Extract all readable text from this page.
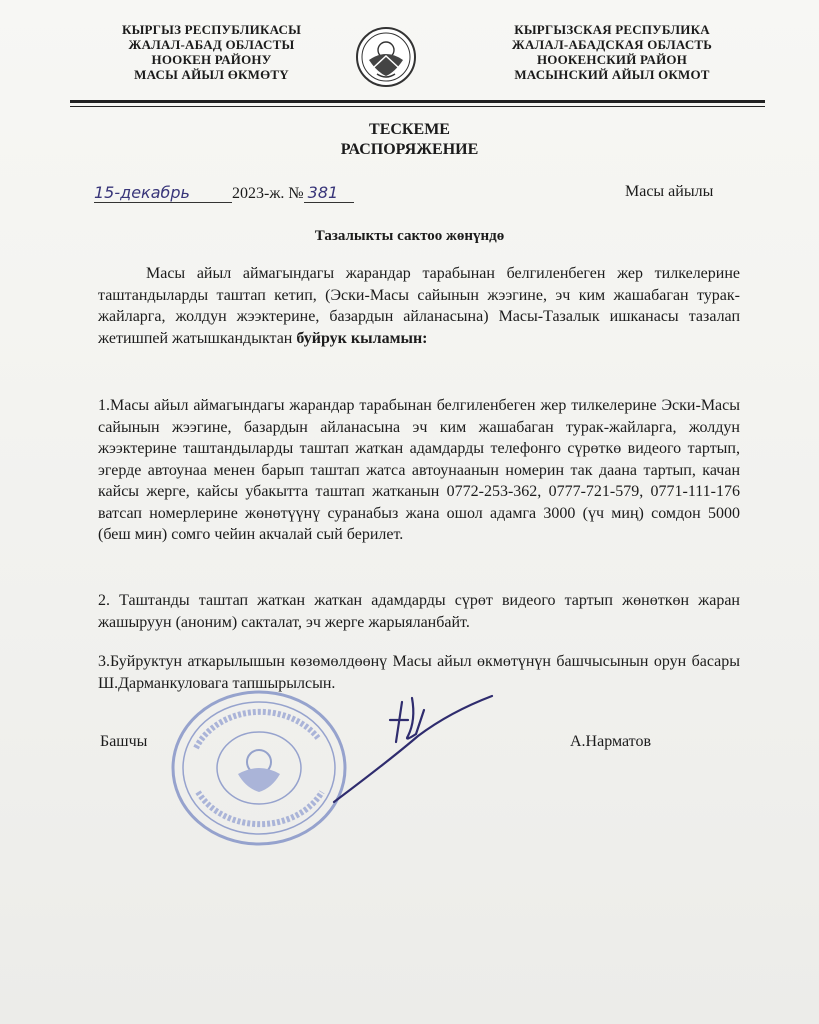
КЫРГЫЗ РЕСПУБЛИКАСЫ
ЖАЛАЛ-АБАД ОБЛАСТЫ
НООКЕН РАЙОНУ
МАСЫ АЙЫЛ ӨКМӨТҮ
КЫРГЫЗСКАЯ РЕСПУБЛИКА
ЖАЛАЛ-АБАДСКАЯ ОБЛАСТЬ
НООКЕНСКИЙ РАЙОН
МАСЫНСКИЙ АЙЫЛ ОКМОТ
ТЕСКЕМЕ
РАСПОРЯЖЕНИЕ
15-декабрь	2023-ж. № 381	Масы айылы
Тазалыкты сактоо жөнүндө
Масы айыл аймагындагы жарандар тарабынан белгиленбеген жер тилкелерине таштандыларды таштап кетип, (Эски-Масы сайынын жээгине, эч ким жашабаган турак-жайларга, жолдун жээктерине, базардын айланасына) Масы-Тазалык ишканасы тазалап жетишпей жатышкандыктан буйрук кыламын:
1.Масы айыл аймагындагы жарандар тарабынан белгиленбеген жер тилкелерине Эски-Масы сайынын жээгине, базардын айланасына эч ким жашабаган турак-жайларга, жолдун жээктерине таштандыларды таштап жаткан адамдарды телефонго сүрөткө видеого тартып, эгерде автоунаа менен барып таштап жатса автоунаанын номерин так даана тартып, качан кайсы жерге, кайсы убакытта таштап жатканын 0772-253-362, 0777-721-579, 0771-111-176 ватсап номерлерине жөнөтүүнү суранабыз жана ошол адамга 3000 (үч миң) сомдон 5000 (беш мин) сомго чейин акчалай сый берилет.
2. Таштанды таштап жаткан жаткан адамдарды сүрөт видеого тартып жөнөткөн жаран жашыруун (аноним) сакталат, эч жерге жарыяланбайт.
3.Буйруктун аткарылышын көзөмөлдөөнү Масы айыл өкмөтүнүн башчысынын орун басары Ш.Дарманкуловага тапшырылсын.
Башчы	А.Нарматов
